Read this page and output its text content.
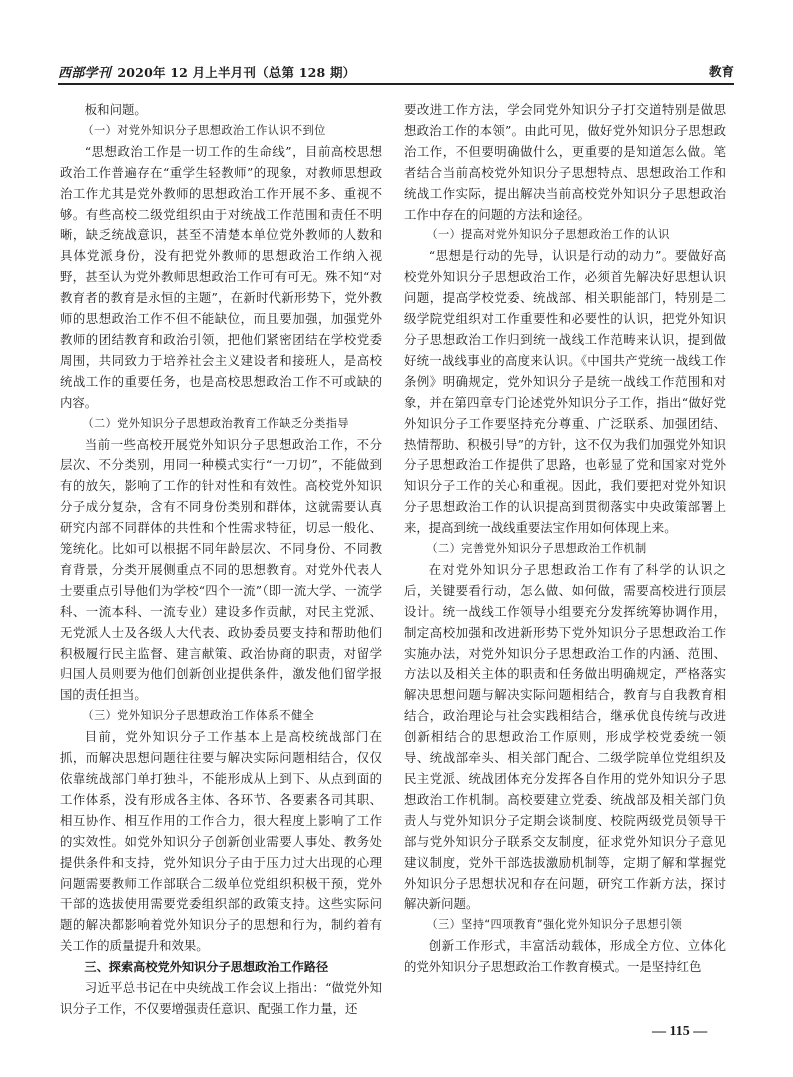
西部学刊 2020年 12 月上半月刊（总第 128 期）	教育

板和问题。

（一）对党外知识分子思想政治工作认识不到位

“思想政治工作是一切工作的生命线”，目前高校思想政治工作普遍存在“重学生轻教师”的现象，对教师思想政治工作尤其是党外教师的思想政治工作开展不多、重视不够。有些高校二级党组织由于对统战工作范围和责任不明晰，缺乏统战意识，甚至不清楚本单位党外教师的人数和具体党派身份，没有把党外教师的思想政治工作纳入视野，甚至认为党外教师思想政治工作可有可无。殊不知“对教育者的教育是永恒的主题”，在新时代新形势下，党外教师的思想政治工作不但不能缺位，而且要加强，加强党外教师的团结教育和政治引领，把他们紧密团结在学校党委周围，共同致力于培养社会主义建设者和接班人，是高校统战工作的重要任务，也是高校思想政治工作不可或缺的内容。

（二）党外知识分子思想政治教育工作缺乏分类指导

当前一些高校开展党外知识分子思想政治工作，不分层次、不分类别，用同一种模式实行“一刀切”，不能做到有的放矢，影响了工作的针对性和有效性。高校党外知识分子成分复杂，含有不同身份类别和群体，这就需要认真研究内部不同群体的共性和个性需求特征，切忌一般化、笼统化。比如可以根据不同年龄层次、不同身份、不同教育背景，分类开展侧重点不同的思想教育。对党外代表人士要重点引导他们为学校“四个一流”（即一流大学、一流学科、一流本科、一流专业）建设多作贡献，对民主党派、无党派人士及各级人大代表、政协委员要支持和帮助他们积极履行民主监督、建言献策、政治协商的职责，对留学归国人员则要为他们创新创业提供条件，激发他们留学报国的责任担当。

（三）党外知识分子思想政治工作体系不健全

目前，党外知识分子工作基本上是高校统战部门在抓，而解决思想问题往往要与解决实际问题相结合，仅仅依靠统战部门单打独斗，不能形成从上到下、从点到面的工作体系，没有形成各主体、各环节、各要素各司其职、相互协作、相互作用的工作合力，很大程度上影响了工作的实效性。如党外知识分子创新创业需要人事处、教务处提供条件和支持，党外知识分子由于压力过大出现的心理问题需要教师工作部联合二级单位党组织积极干预，党外干部的选拔使用需要党委组织部的政策支持。这些实际问题的解决都影响着党外知识分子的思想和行为，制约着有关工作的质量提升和效果。

三、探索高校党外知识分子思想政治工作路径

习近平总书记在中央统战工作会议上指出：“做党外知识分子工作，不仅要增强责任意识、配强工作力量，还

要改进工作方法，学会同党外知识分子打交道特别是做思想政治工作的本领”。由此可见，做好党外知识分子思想政治工作，不但要明确做什么，更重要的是知道怎么做。笔者结合当前高校党外知识分子思想特点、思想政治工作和统战工作实际，提出解决当前高校党外知识分子思想政治工作中存在的问题的方法和途径。

（一）提高对党外知识分子思想政治工作的认识

“思想是行动的先导，认识是行动的动力”。要做好高校党外知识分子思想政治工作，必须首先解决好思想认识问题，提高学校党委、统战部、相关职能部门，特别是二级学院党组织对工作重要性和必要性的认识，把党外知识分子思想政治工作归到统一战线工作范畴来认识，提到做好统一战线事业的高度来认识。《中国共产党统一战线工作条例》明确规定，党外知识分子是统一战线工作范围和对象，并在第四章专门论述党外知识分子工作，指出“做好党外知识分子工作要坚持充分尊重、广泛联系、加强团结、热情帮助、积极引导”的方针，这不仅为我们加强党外知识分子思想政治工作提供了思路，也彰显了党和国家对党外知识分子工作的关心和重视。因此，我们要把对党外知识分子思想政治工作的认识提高到贯彻落实中央政策部署上来，提高到统一战线重要法宝作用如何体现上来。

（二）完善党外知识分子思想政治工作机制

在对党外知识分子思想政治工作有了科学的认识之后，关键要看行动，怎么做、如何做，需要高校进行顶层设计。统一战线工作领导小组要充分发挥统筹协调作用，制定高校加强和改进新形势下党外知识分子思想政治工作实施办法，对党外知识分子思想政治工作的内涵、范围、方法以及相关主体的职责和任务做出明确规定，严格落实解决思想问题与解决实际问题相结合，教育与自我教育相结合，政治理论与社会实践相结合，继承优良传统与改进创新相结合的思想政治工作原则，形成学校党委统一领导、统战部牵头、相关部门配合、二级学院单位党组织及民主党派、统战团体充分发挥各自作用的党外知识分子思想政治工作机制。高校要建立党委、统战部及相关部门负责人与党外知识分子定期会谈制度、校院两级党员领导干部与党外知识分子联系交友制度，征求党外知识分子意见建议制度，党外干部选拔激励机制等，定期了解和掌握党外知识分子思想状况和存在问题，研究工作新方法，探讨解决新问题。

（三）坚持“四项教育”强化党外知识分子思想引领

创新工作形式，丰富活动载体，形成全方位、立体化的党外知识分子思想政治工作教育模式。一是坚持红色

— 115 —
